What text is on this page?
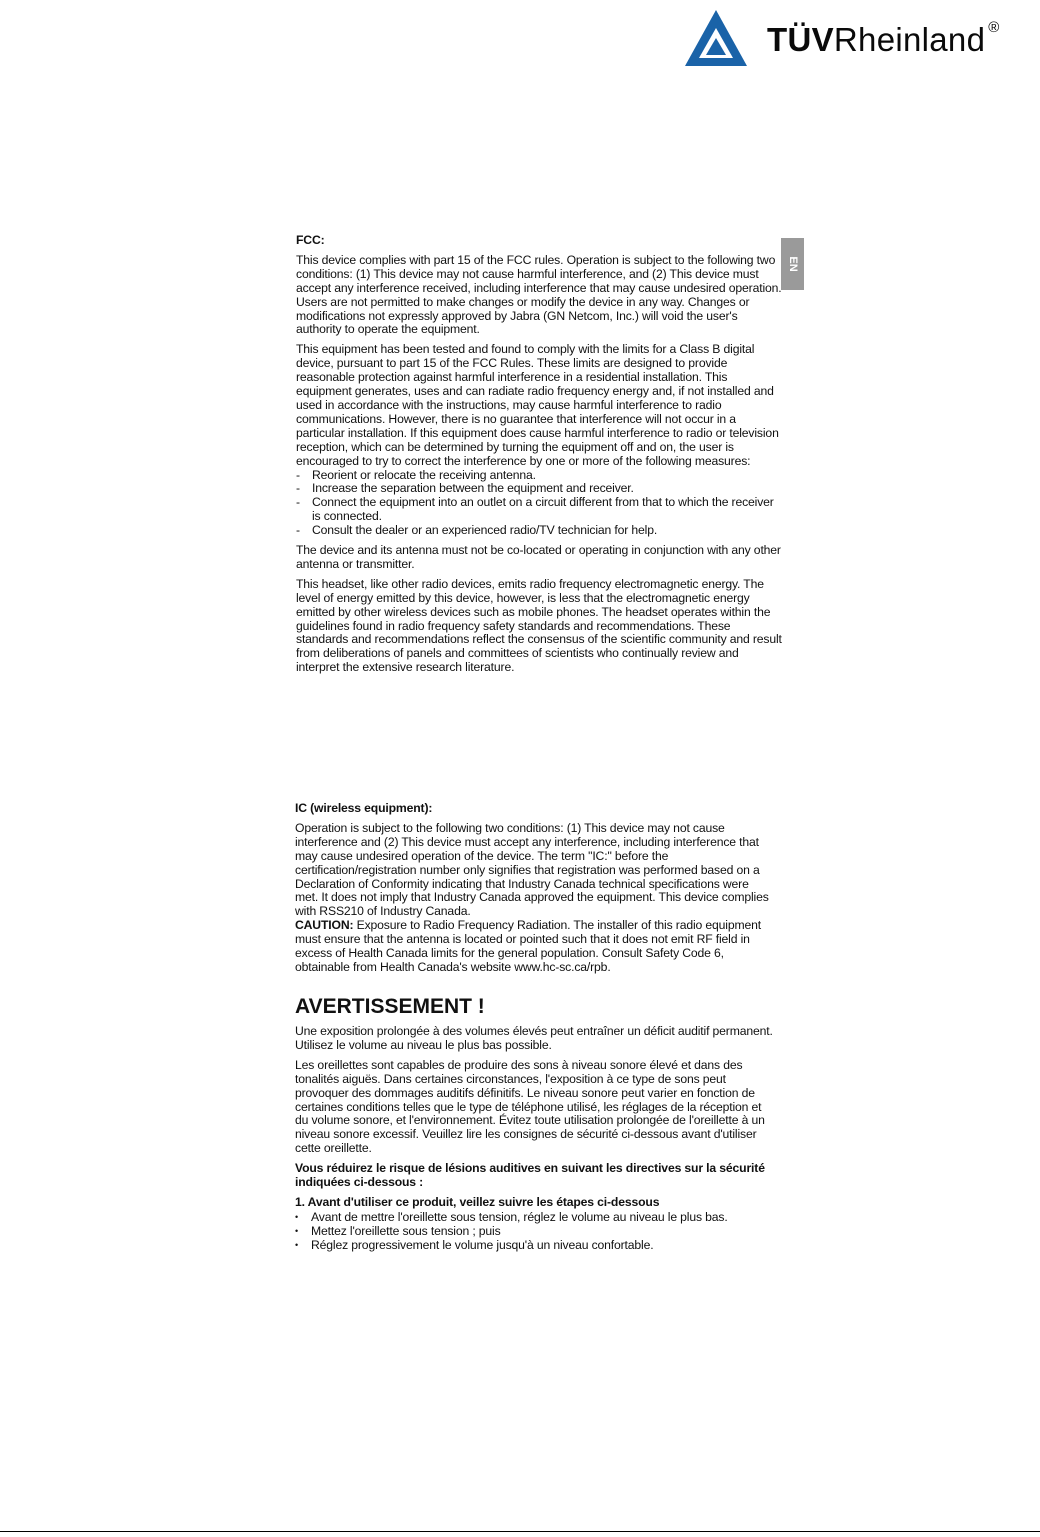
TÜVRheinland ®
EN

FCC:

This device complies with part 15 of the FCC rules. Operation is subject to the following two conditions: (1) This device may not cause harmful interference, and (2) This device must accept any interference received, including interference that may cause undesired operation. Users are not permitted to make changes or modify the device in any way. Changes or modifications not expressly approved by Jabra (GN Netcom, Inc.) will void the user's authority to operate the equipment.

This equipment has been tested and found to comply with the limits for a Class B digital device, pursuant to part 15 of the FCC Rules. These limits are designed to provide reasonable protection against harmful interference in a residential installation. This equipment generates, uses and can radiate radio frequency energy and, if not installed and used in accordance with the instructions, may cause harmful interference to radio communications. However, there is no guarantee that interference will not occur in a particular installation. If this equipment does cause harmful interference to radio or television reception, which can be determined by turning the equipment off and on, the user is encouraged to try to correct the interference by one or more of the following measures:

- Reorient or relocate the receiving antenna.
- Increase the separation between the equipment and receiver.
- Connect the equipment into an outlet on a circuit different from that to which the receiver is connected.
- Consult the dealer or an experienced radio/TV technician for help.

The device and its antenna must not be co-located or operating in conjunction with any other antenna or transmitter.

This headset, like other radio devices, emits radio frequency electromagnetic energy. The level of energy emitted by this device, however, is less that the electromagnetic energy emitted by other wireless devices such as mobile phones. The headset operates within the guidelines found in radio frequency safety standards and recommendations. These standards and recommendations reflect the consensus of the scientific community and result from deliberations of panels and committees of scientists who continually review and interpret the extensive research literature.

IC (wireless equipment):

Operation is subject to the following two conditions: (1) This device may not cause interference and (2) This device must accept any interference, including interference that may cause undesired operation of the device. The term "IC:" before the certification/registration number only signifies that registration was performed based on a Declaration of Conformity indicating that Industry Canada technical specifications were met. It does not imply that Industry Canada approved the equipment. This device complies with RSS210 of Industry Canada.

CAUTION: Exposure to Radio Frequency Radiation. The installer of this radio equipment must ensure that the antenna is located or pointed such that it does not emit RF field in excess of Health Canada limits for the general population. Consult Safety Code 6, obtainable from Health Canada's website www.hc-sc.ca/rpb.

AVERTISSEMENT !

Une exposition prolongée à des volumes élevés peut entraîner un déficit auditif permanent. Utilisez le volume au niveau le plus bas possible.

Les oreillettes sont capables de produire des sons à niveau sonore élevé et dans des tonalités aiguës. Dans certaines circonstances, l'exposition à ce type de sons peut provoquer des dommages auditifs définitifs. Le niveau sonore peut varier en fonction de certaines conditions telles que le type de téléphone utilisé, les réglages de la réception et du volume sonore, et l'environnement. Évitez toute utilisation prolongée de l'oreillette à un niveau sonore excessif. Veuillez lire les consignes de sécurité ci-dessous avant d'utiliser cette oreillette.

Vous réduirez le risque de lésions auditives en suivant les directives sur la sécurité indiquées ci-dessous :

1. Avant d'utiliser ce produit, veillez suivre les étapes ci-dessous

• Avant de mettre l'oreillette sous tension, réglez le volume au niveau le plus bas.
• Mettez l'oreillette sous tension ; puis
• Réglez progressivement le volume jusqu'à un niveau confortable.
